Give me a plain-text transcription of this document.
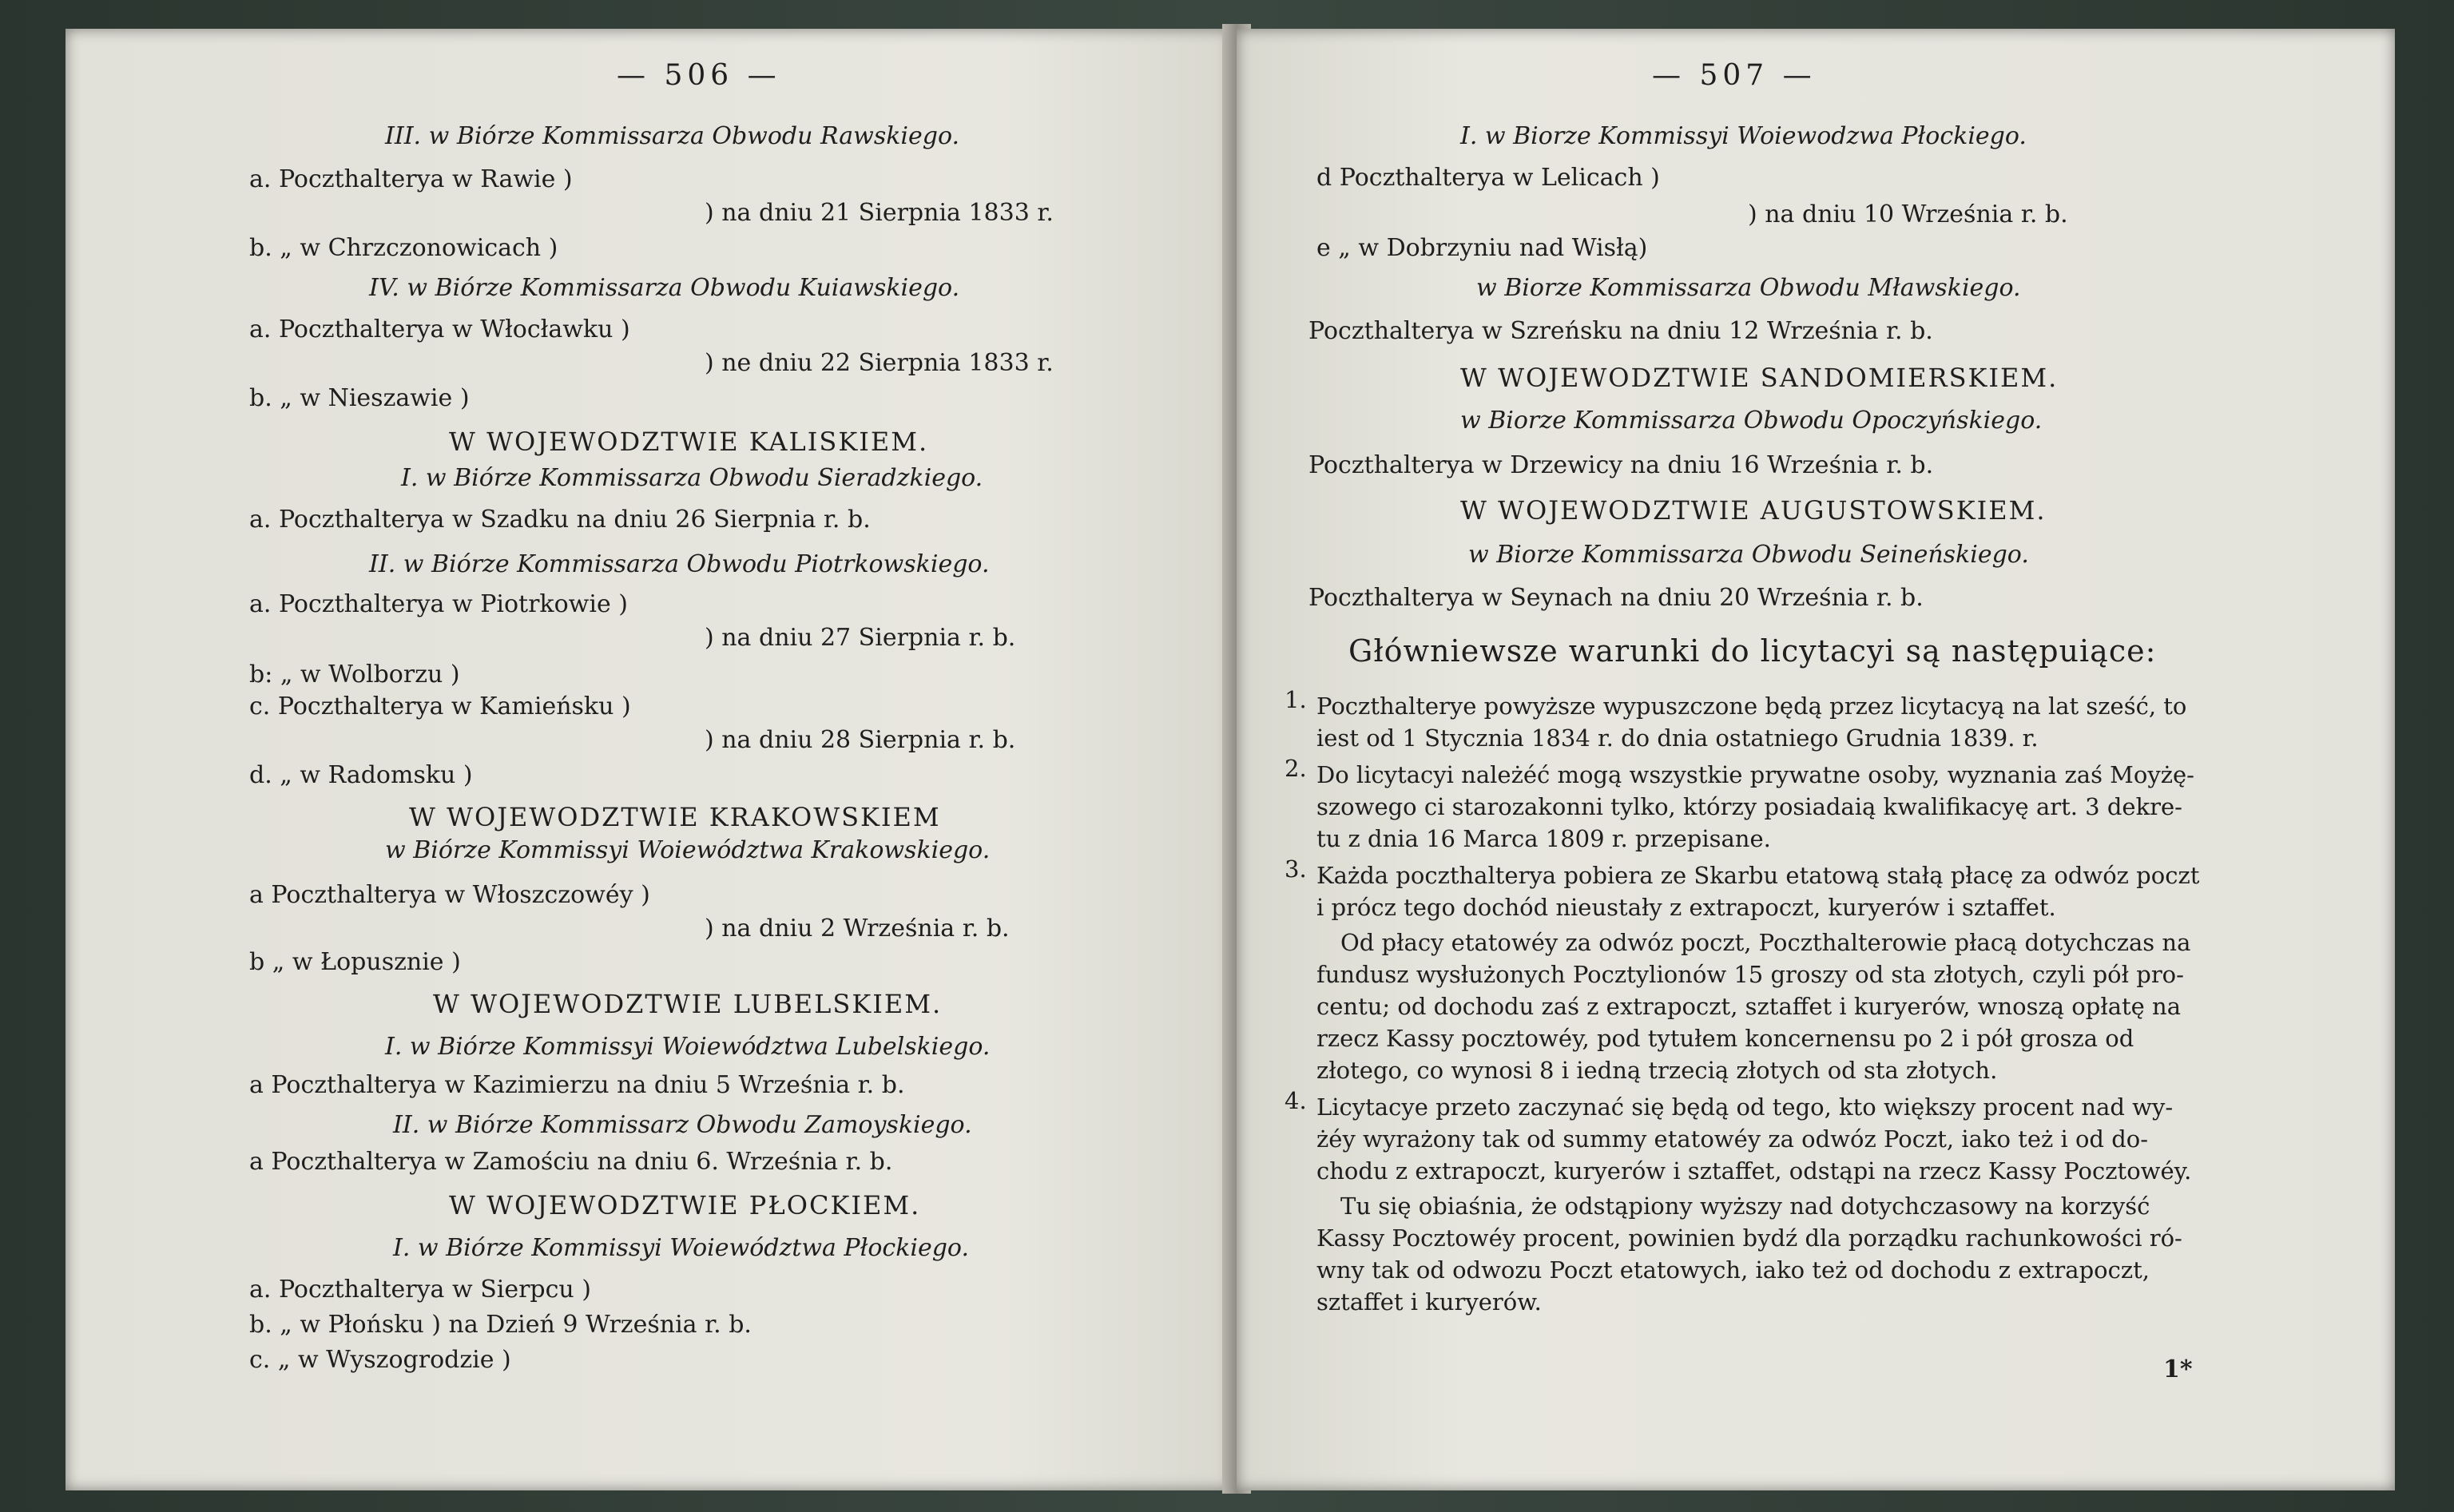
— 506 —
III. w Biórze Kommissarza Obwodu Rawskiego.
a. Poczthalterya w Rawie )
) na dniu 21 Sierpnia 1833 r.
b. „ w Chrzczonowicach )
IV. w Biórze Kommissarza Obwodu Kuiawskiego.
a. Poczthalterya w Włocławku )
) ne dniu 22 Sierpnia 1833 r.
b. „ w Nieszawie )
W WOJEWODZTWIE KALISKIEM.
I. w Biórze Kommissarza Obwodu Sieradzkiego.
a. Poczthalterya w Szadku na dniu 26 Sierpnia r. b.
II. w Biórze Kommissarza Obwodu Piotrkowskiego.
a. Poczthalterya w Piotrkowie )
) na dniu 27 Sierpnia r. b.
b: „ w Wolborzu )
c. Poczthalterya w Kamieńsku )
) na dniu 28 Sierpnia r. b.
d. „ w Radomsku )
W WOJEWODZTWIE KRAKOWSKIEM
w Biórze Kommissyi Woiewództwa Krakowskiego.
a Poczthalterya w Włoszczowéy )
) na dniu 2 Września r. b.
b „ w Łopusznie )
W WOJEWODZTWIE LUBELSKIEM.
I. w Biórze Kommissyi Woiewództwa Lubelskiego.
a Poczthalterya w Kazimierzu na dniu 5 Września r. b.
II. w Biórze Kommissarz Obwodu Zamoyskiego.
a Poczthalterya w Zamościu na dniu 6. Września r. b.
W WOJEWODZTWIE PŁOCKIEM.
I. w Biórze Kommissyi Woiewództwa Płockiego.
a. Poczthalterya w Sierpcu )
b. „ w Płońsku ) na Dzień 9 Września r. b.
c. „ w Wyszogrodzie )
— 507 —
I. w Biorze Kommissyi Woiewodzwa Płockiego.
d Poczthalterya w Lelicach )
) na dniu 10 Września r. b.
e „ w Dobrzyniu nad Wisłą)
w Biorze Kommissarza Obwodu Mławskiego.
Poczthalterya w Szreńsku na dniu 12 Września r. b.
W WOJEWODZTWIE SANDOMIERSKIEM.
w Biorze Kommissarza Obwodu Opoczyńskiego.
Poczthalterya w Drzewicy na dniu 16 Września r. b.
W WOJEWODZTWIE AUGUSTOWSKIEM.
w Biorze Kommissarza Obwodu Seineńskiego.
Poczthalterya w Seynach na dniu 20 Września r. b.
Główniewsze warunki do licytacyi są następuiące:
1. Poczthalterye powyższe wypuszczone będą przez licytacyą na lat sześć, to
iest od 1 Stycznia 1834 r. do dnia ostatniego Grudnia 1839. r.
2. Do licytacyi należéć mogą wszystkie prywatne osoby, wyznania zaś Moyżę-
szowego ci starozakonni tylko, którzy posiadaią kwalifikacyę art. 3 dekre-
tu z dnia 16 Marca 1809 r. przepisane.
3. Każda poczthalterya pobiera ze Skarbu etatową stałą płacę za odwóz poczt
i prócz tego dochód nieustały z extrapoczt, kuryerów i sztaffet.
Od płacy etatowéy za odwóz poczt, Poczthalterowie płacą dotychczas na
fundusz wysłużonych Pocztylionów 15 groszy od sta złotych, czyli pół pro-
centu; od dochodu zaś z extrapoczt, sztaffet i kuryerów, wnoszą opłatę na
rzecz Kassy pocztowéy, pod tytułem koncernensu po 2 i pół grosza od
złotego, co wynosi 8 i iedną trzecią złotych od sta złotych.
4. Licytacye przeto zaczynać się będą od tego, kto większy procent nad wy-
żéy wyrażony tak od summy etatowéy za odwóz Poczt, iako też i od do-
chodu z extrapoczt, kuryerów i sztaffet, odstąpi na rzecz Kassy Pocztowéy.
Tu się obiaśnia, że odstąpiony wyższy nad dotychczasowy na korzyść
Kassy Pocztowéy procent, powinien bydź dla porządku rachunkowości ró-
wny tak od odwozu Poczt etatowych, iako też od dochodu z extrapoczt,
sztaffet i kuryerów.
1*
